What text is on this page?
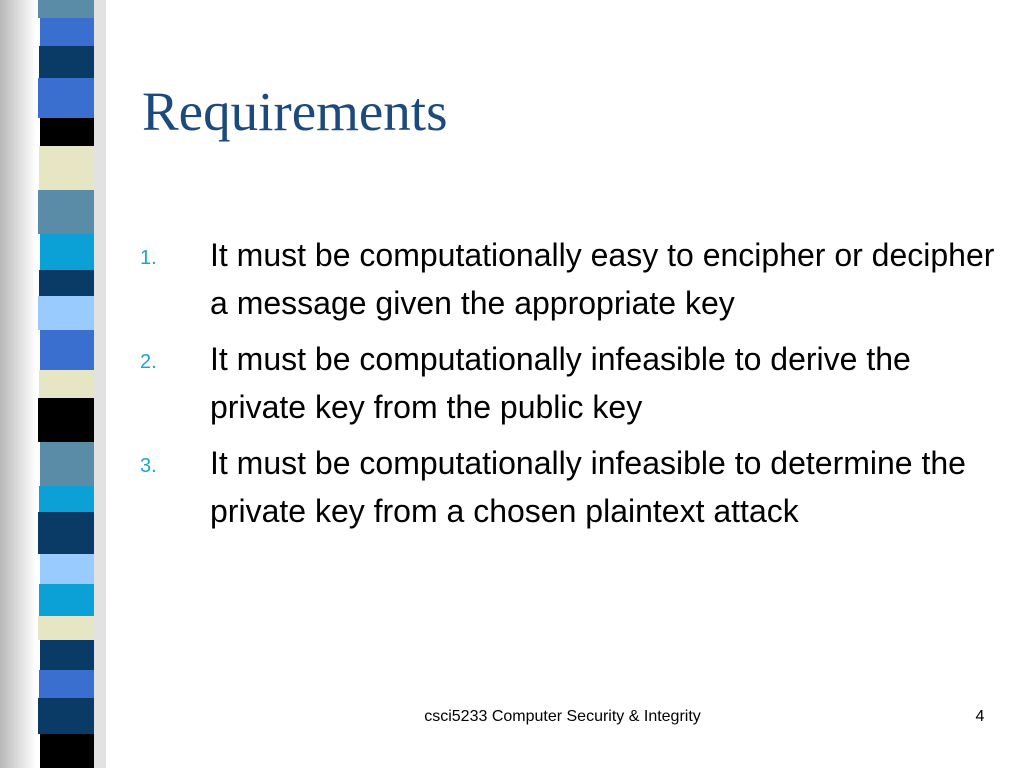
Requirements
1. It must be computationally easy to encipher or decipher a message given the appropriate key
2. It must be computationally infeasible to derive the private key from the public key
3. It must be computationally infeasible to determine the private key from a chosen plaintext attack
csci5233 Computer Security & Integrity	4
